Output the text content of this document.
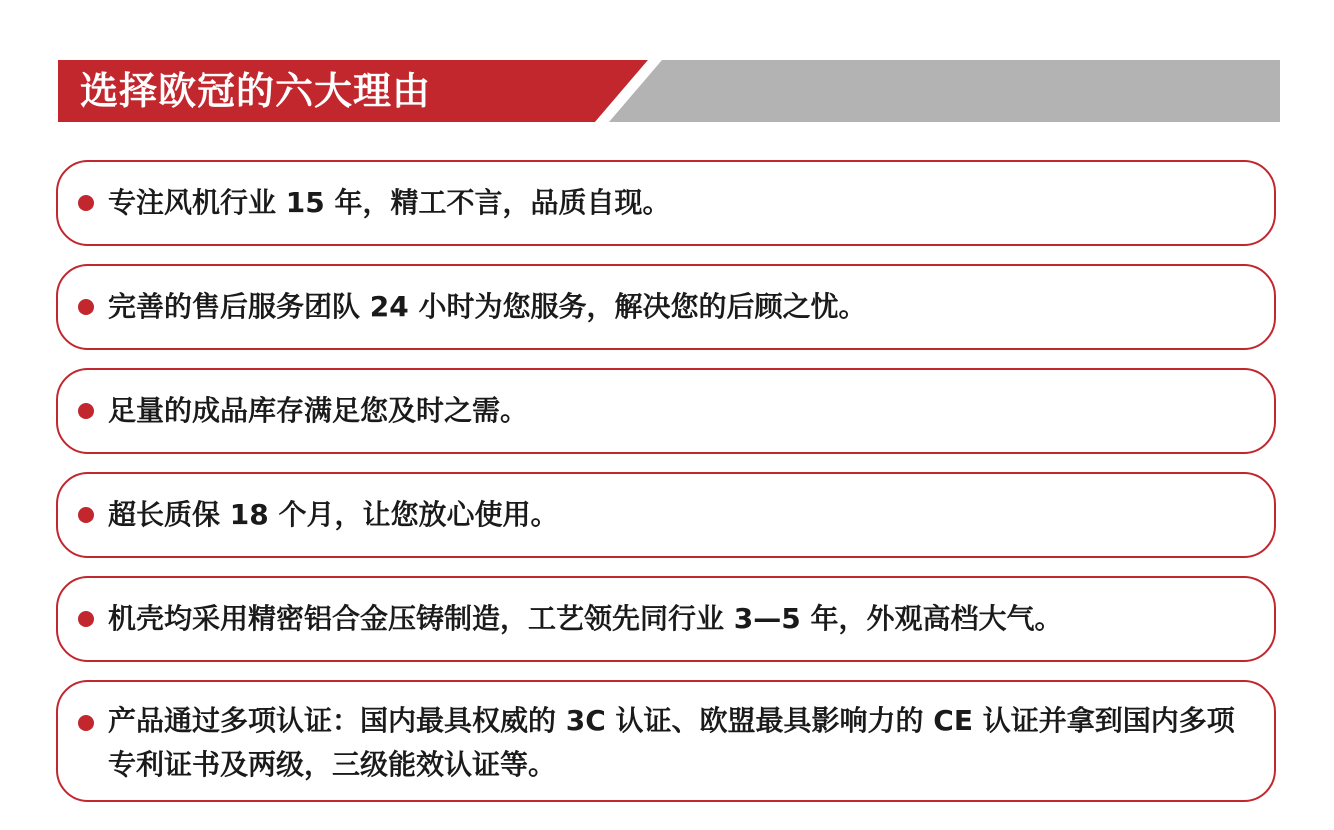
选择欧冠的六大理由
专注风机行业 15 年，精工不言，品质自现。
完善的售后服务团队 24 小时为您服务，解决您的后顾之忧。
足量的成品库存满足您及时之需。
超长质保 18 个月，让您放心使用。
机壳均采用精密铝合金压铸制造，工艺领先同行业 3—5 年，外观高档大气。
产品通过多项认证：国内最具权威的 3C 认证、欧盟最具影响力的 CE 认证并拿到国内多项专利证书及两级，三级能效认证等。
